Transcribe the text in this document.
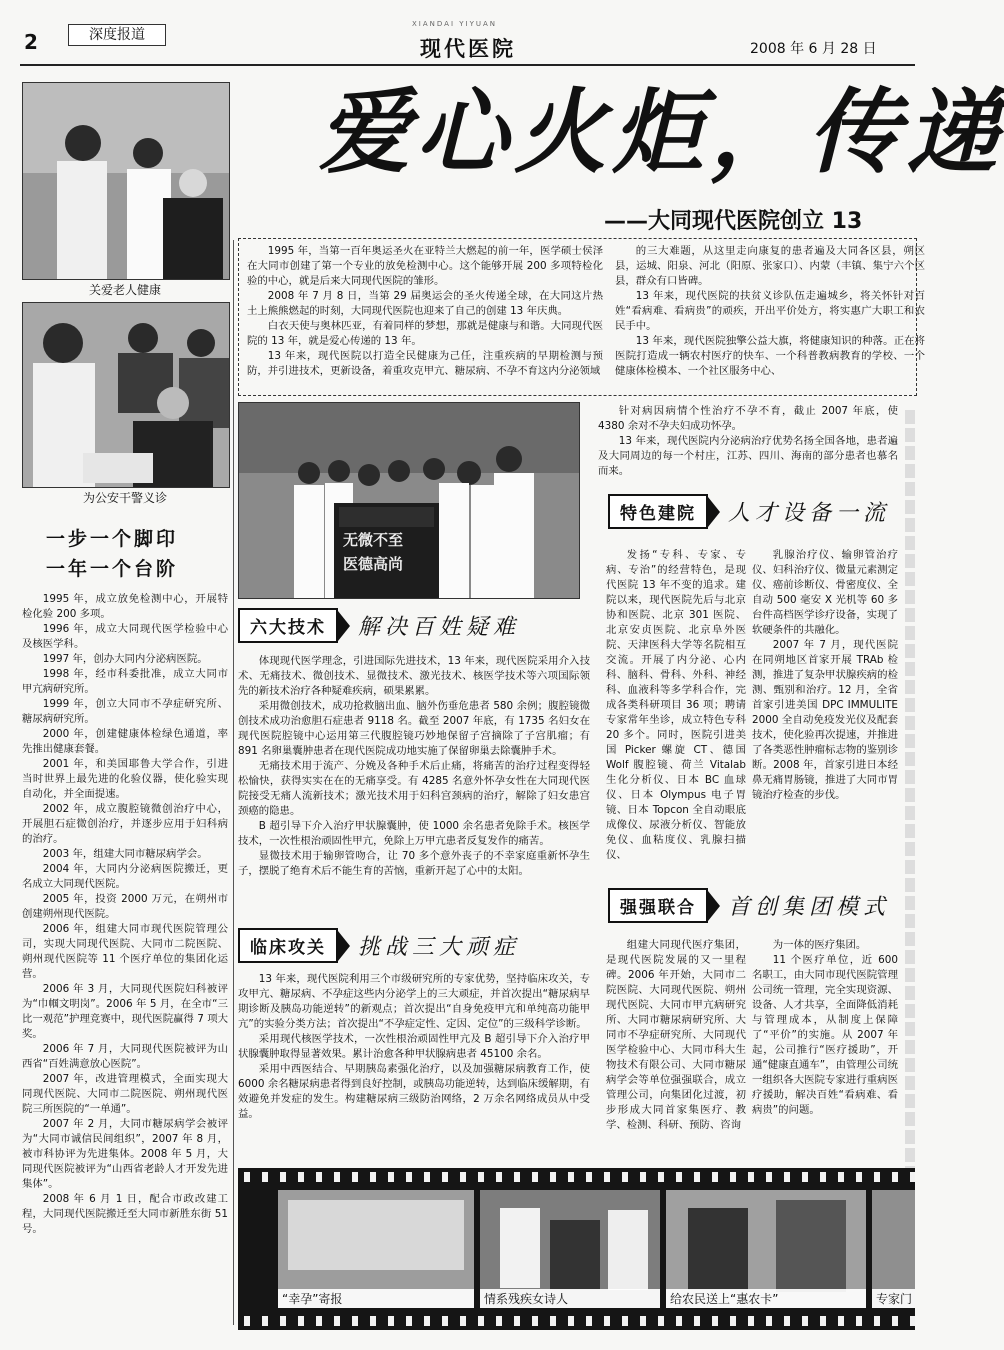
2	深度报道
XIANDAI YIYUAN
现代医院	2008 年 6 月 28 日
爱心火炬，传递
——大同现代医院创立 13
关爱老人健康
为公安干警义诊
一步一个脚印
一年一个台阶

1995 年，成立放免检测中心，开展特检化验 200 多项。

1996 年，成立大同现代医学检验中心及核医学科。

1997 年，创办大同内分泌病医院。

1998 年，经市科委批准，成立大同市甲亢病研究所。

1999 年，创立大同市不孕症研究所、糖尿病研究所。

2000 年，创建健康体检绿色通道，率先推出健康套餐。

2001 年，和美国耶鲁大学合作，引进当时世界上最先进的化验仪器，使化验实现自动化，并全面提速。

2002 年，成立腹腔镜微创治疗中心，开展胆石症微创治疗，并逐步应用于妇科病的治疗。

2003 年，组建大同市糖尿病学会。

2004 年，大同内分泌病医院搬迁，更名成立大同现代医院。

2005 年，投资 2000 万元，在朔州市创建朔州现代医院。

2006 年，组建大同市现代医院管理公司，实现大同现代医院、大同市二院医院、朔州现代医院等 11 个医疗单位的集团化运营。

2006 年 3 月，大同现代医院妇科被评为“巾帼文明岗”。2006 年 5 月，在全市“三比一观范”护理竞赛中，现代医院赢得 7 项大奖。

2006 年 7 月，大同现代医院被评为山西省“百姓满意放心医院”。

2007 年，改进管理模式，全面实现大同现代医院、大同市二院医院、朔州现代医院三所医院的“一单通”。

2007 年 2 月，大同市糖尿病学会被评为“大同市诚信民间组织”，2007 年 8 月，被市科协评为先进集体。2008 年 5 月，大同现代医院被评为“山西省老龄人才开发先进集体”。

2008 年 6 月 1 日，配合市政改建工程，大同现代医院搬迁至大同市新胜东街 51 号。

1995 年，当第一百年奥运圣火在亚特兰大燃起的前一年，医学硕士侯泽在大同市创建了第一个专业的放免检测中心。这个能够开展 200 多项特检化验的中心，就是后来大同现代医院的雏形。

2008 年 7 月 8 日，当第 29 届奥运会的圣火传递全球，在大同这片热土上熊熊燃起的时刻，大同现代医院也迎来了自己的创建 13 年庆典。

白衣天使与奥林匹亚，有着同样的梦想，那就是健康与和谐。大同现代医院的 13 年，就是爱心传递的 13 年。

13 年来，现代医院以打造全民健康为己任，注重疾病的早期检测与预防，并引进技术，更新设备，着重攻克甲亢、糖尿病、不孕不育这内分泌领域

的三大难题，从这里走向康复的患者遍及大同各区县，朔区县，运城、阳泉、河北（阳原、张家口）、内蒙（丰镇、集宁六个区县，群众有口皆碑。

13 年来，现代医院的扶贫义诊队伍走遍城乡，将关怀针对百姓“看病难、看病贵”的顽疾，开出平价处方，将实惠广大职工和农民手中。

13 年来，现代医院独擎公益大旗，将健康知识的种落。正在将医院打造成一辆农村医疗的快车、一个科普教病教育的学校、一个健康体检模本、一个社区服务中心、

无微不至
医德高尚

针对病因病情个性治疗不孕不育，截止 2007 年底，使 4380 余对不孕夫妇成功怀孕。

13 年来，现代医院内分泌病治疗优势名扬全国各地，患者遍及大同周边的每一个村庄，江苏、四川、海南的部分患者也慕名而来。

六大技术	解决百姓疑难

体现现代医学理念，引进国际先进技术，13 年来，现代医院采用介入技术、无痛技术、微创技术、显微技术、激光技术、核医学技术等六项国际领先的新技术治疗各种疑难疾病，硕果累累。

采用微创技术，成功抢救脑出血、脑外伤垂危患者 580 余例；腹腔镜微创技术成功治愈胆石症患者 9118 名。截至 2007 年底，有 1735 名妇女在现代医院腔镜中心运用第三代腹腔镜巧妙地保留子宫摘除了子宫肌瘤；有 891 名卵巢囊肿患者在现代医院成功地实施了保留卵巢去除囊肿手术。

无痛技术用于流产、分娩及各种手术后止痛，将痛苦的治疗过程变得轻松愉快，获得实实在在的无痛享受。有 4285 名意外怀孕女性在大同现代医院接受无痛人流新技术；激光技术用于妇科宫颈病的治疗，解除了妇女患宫颈癌的隐患。

B 超引导下介入治疗甲状腺囊肿，使 1000 余名患者免除手术。核医学技术，一次性根治顽固性甲亢，免除上万甲亢患者反复发作的痛苦。

显微技术用于输卵管吻合，让 70 多个意外丧子的不幸家庭重新怀孕生子，摆脱了绝育术后不能生育的苦恼，重新开起了心中的太阳。

临床攻关	挑战三大顽症

13 年来，现代医院利用三个市级研究所的专家优势，坚持临床攻关，专攻甲亢、糖尿病、不孕症这些内分泌学上的三大顽症，并首次提出“糖尿病早期诊断及胰岛功能逆转”的新观点；首次提出“自身免疫甲亢和单纯高功能甲亢”的实验分类方法；首次提出“不孕症定性、定因、定位”的三级科学诊断。

采用现代核医学技术，一次性根治顽固性甲亢及 B 超引导下介入治疗甲状腺囊肿取得显著效果。累计治愈各种甲状腺病患者 45100 余名。

采用中西医结合、早期胰岛素强化治疗，以及加强糖尿病教育工作，使 6000 余名糖尿病患者得到良好控制，或胰岛功能逆转，达到临床缓解期，有效避免并发症的发生。构建糖尿病三级防治网络，2 万余名网络成员从中受益。

特色建院	人才设备一流

发扬“专科、专家、专病、专治”的经营特色，是现代医院 13 年不变的追求。建院以来，现代医院先后与北京协和医院、北京 301 医院、北京安贞医院、北京阜外医院、天津医科大学等名院相互交流。开展了内分泌、心内科、脑科、骨科、外科、神经科、血液科等多学科合作，完成各类科研项目 36 项；聘请专家常年坐诊，成立特色专科 20 多个。同时，医院引进美国 Picker 螺旋 CT、德国 Wolf 腹腔镜、荷兰 Vitalab 生化分析仪、日本 BC 血球仪、日本 Olympus 电子胃镜、日本 Topcon 全自动眼底成像仪、尿液分析仪、智能放免仪、血粘度仪、乳腺扫描仪、

乳腺治疗仪、输卵管治疗仪、妇科治疗仪、微量元素测定仪、癌前诊断仪、骨密度仪、全自动 500 毫安 X 光机等 60 多台件高档医学诊疗设备，实现了软硬条件的共融化。

2007 年 7 月，现代医院在同朔地区首家开展 TRAb 检测，推进了复杂甲状腺疾病的检测、甄别和治疗。12 月，全省首家引进美国 DPC IMMULITE 2000 全自动免疫发光仪及配套技术，使化验再次提速，并推进了各类恶性肿瘤标志物的鉴别诊断。2008 年，首家引进日本经鼻无痛胃肠镜，推进了大同市胃镜治疗检查的步伐。

强强联合	首创集团模式

组建大同现代医疗集团，是现代医院发展的又一里程碑。2006 年开始，大同市二院医院、大同现代医院、朔州现代医院、大同市甲亢病研究所、大同市糖尿病研究所、大同市不孕症研究所、大同现代医学检验中心、大同市科大生物技术有限公司、大同市糖尿病学会等单位强强联合，成立管理公司，向集团化过渡，初步形成大同首家集医疗、教学、检测、科研、预防、咨询

为一体的医疗集团。

11 个医疗单位，近 600 名职工，由大同市现代医院管理公司统一管理，完全实现资源、设备、人才共享，全面降低消耗与管理成本，从制度上保障了“平价”的实施。从 2007 年起，公司推行“医疗援助”，开通“健康直通车”，由管理公司统一组织各大医院专家进行重病医疗援助，解决百姓“看病难、看病贵”的问题。

“幸孕”寄报	情系残疾女诗人	给农民送上“惠农卡”	专家门
